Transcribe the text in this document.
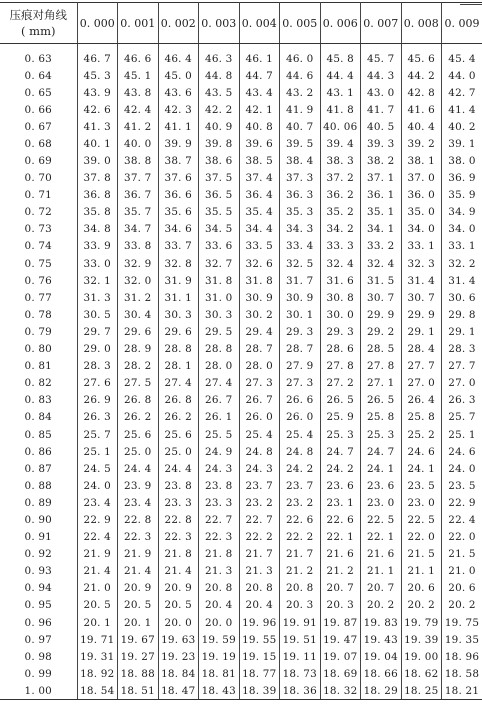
压痕对角线
( mm)	0. 000	0. 001	0. 002	0. 003	0. 004	0. 005	0. 006	0. 007	0. 008	0. 009
0. 63	46. 7	46. 6	46. 4	46. 3	46. 1	46. 0	45. 8	45. 7	45. 6	45. 4
0. 64	45. 3	45. 1	45. 0	44. 8	44. 7	44. 6	44. 4	44. 3	44. 2	44. 0
0. 65	43. 9	43. 8	43. 6	43. 5	43. 4	43. 2	43. 1	43. 0	42. 8	42. 7
0. 66	42. 6	42. 4	42. 3	42. 2	42. 1	41. 9	41. 8	41. 7	41. 6	41. 4
0. 67	41. 3	41. 2	41. 1	40. 9	40. 8	40. 7	40. 06	40. 5	40. 4	40. 2
0. 68	40. 1	40. 0	39. 9	39. 8	39. 6	39. 5	39. 4	39. 3	39. 2	39. 1
0. 69	39. 0	38. 8	38. 7	38. 6	38. 5	38. 4	38. 3	38. 2	38. 1	38. 0
0. 70	37. 8	37. 7	37. 6	37. 5	37. 4	37. 3	37. 2	37. 1	37. 0	36. 9
0. 71	36. 8	36. 7	36. 6	36. 5	36. 4	36. 3	36. 2	36. 1	36. 0	35. 9
0. 72	35. 8	35. 7	35. 6	35. 5	35. 4	35. 3	35. 2	35. 1	35. 0	34. 9
0. 73	34. 8	34. 7	34. 6	34. 5	34. 4	34. 3	34. 2	34. 1	34. 0	34. 0
0. 74	33. 9	33. 8	33. 7	33. 6	33. 5	33. 4	33. 3	33. 2	33. 1	33. 1
0. 75	33. 0	32. 9	32. 8	32. 7	32. 6	32. 5	32. 4	32. 4	32. 3	32. 2
0. 76	32. 1	32. 0	31. 9	31. 8	31. 8	31. 7	31. 6	31. 5	31. 4	31. 4
0. 77	31. 3	31. 2	31. 1	31. 0	30. 9	30. 9	30. 8	30. 7	30. 7	30. 6
0. 78	30. 5	30. 4	30. 3	30. 3	30. 2	30. 1	30. 0	29. 9	29. 9	29. 8
0. 79	29. 7	29. 6	29. 6	29. 5	29. 4	29. 3	29. 3	29. 2	29. 1	29. 1
0. 80	29. 0	28. 9	28. 8	28. 8	28. 7	28. 7	28. 6	28. 5	28. 4	28. 3
0. 81	28. 3	28. 2	28. 1	28. 0	28. 0	27. 9	27. 8	27. 8	27. 7	27. 7
0. 82	27. 6	27. 5	27. 4	27. 4	27. 3	27. 3	27. 2	27. 1	27. 0	27. 0
0. 83	26. 9	26. 8	26. 8	26. 7	26. 7	26. 6	26. 5	26. 5	26. 4	26. 3
0. 84	26. 3	26. 2	26. 2	26. 1	26. 0	26. 0	25. 9	25. 8	25. 8	25. 7
0. 85	25. 7	25. 6	25. 6	25. 5	25. 4	25. 4	25. 3	25. 3	25. 2	25. 1
0. 86	25. 1	25. 0	25. 0	24. 9	24. 8	24. 8	24. 7	24. 7	24. 6	24. 6
0. 87	24. 5	24. 4	24. 4	24. 3	24. 3	24. 2	24. 2	24. 1	24. 1	24. 0
0. 88	24. 0	23. 9	23. 8	23. 8	23. 7	23. 7	23. 6	23. 6	23. 5	23. 5
0. 89	23. 4	23. 4	23. 3	23. 3	23. 2	23. 2	23. 1	23. 0	23. 0	22. 9
0. 90	22. 9	22. 8	22. 8	22. 7	22. 7	22. 6	22. 6	22. 5	22. 5	22. 4
0. 91	22. 4	22. 3	22. 3	22. 3	22. 2	22. 2	22. 1	22. 1	22. 0	22. 0
0. 92	21. 9	21. 9	21. 8	21. 8	21. 7	21. 7	21. 6	21. 6	21. 5	21. 5
0. 93	21. 4	21. 4	21. 4	21. 3	21. 3	21. 2	21. 2	21. 1	21. 1	21. 0
0. 94	21. 0	20. 9	20. 9	20. 8	20. 8	20. 8	20. 7	20. 7	20. 6	20. 6
0. 95	20. 5	20. 5	20. 5	20. 4	20. 4	20. 3	20. 3	20. 2	20. 2	20. 2
0. 96	20. 1	20. 1	20. 0	20. 0	19. 96	19. 91	19. 87	19. 83	19. 79	19. 75
0. 97	19. 71	19. 67	19. 63	19. 59	19. 55	19. 51	19. 47	19. 43	19. 39	19. 35
0. 98	19. 31	19. 27	19. 23	19. 19	19. 15	19. 11	19. 07	19. 04	19. 00	18. 96
0. 99	18. 92	18. 88	18. 84	18. 81	18. 77	18. 73	18. 69	18. 66	18. 62	18. 58
1. 00	18. 54	18. 51	18. 47	18. 43	18. 39	18. 36	18. 32	18. 29	18. 25	18. 21
